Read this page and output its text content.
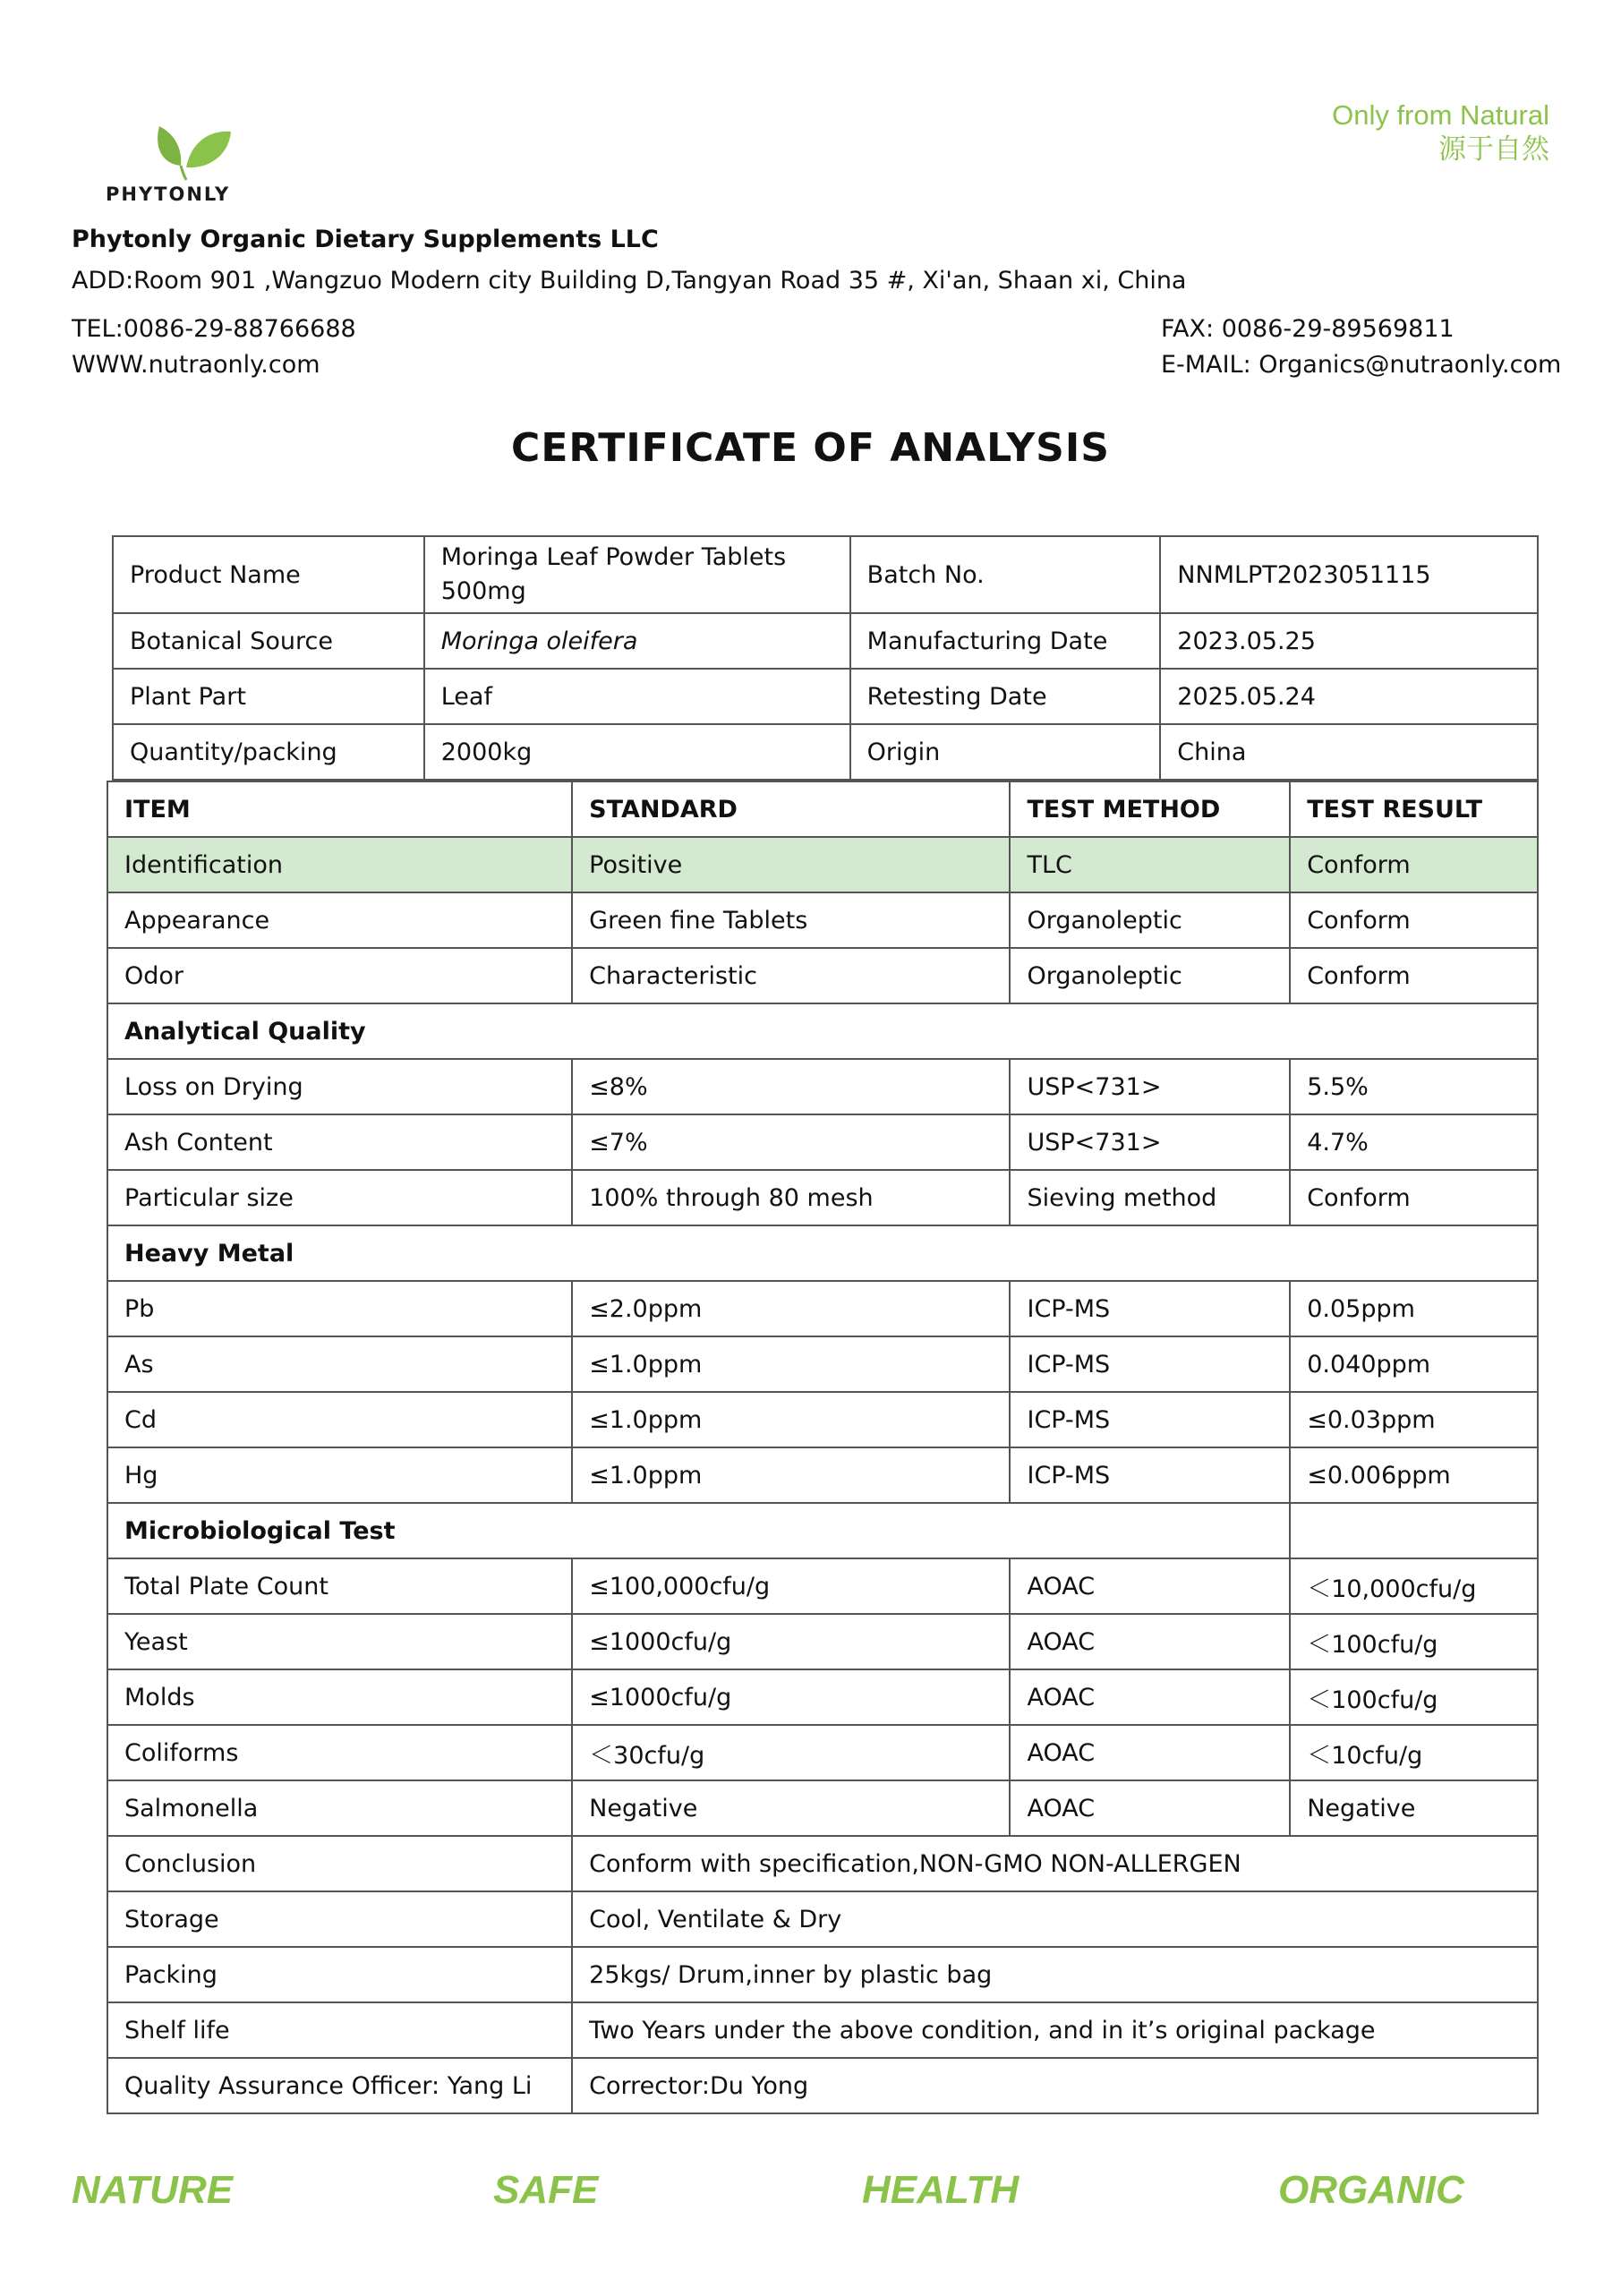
PHYTONLY
Only from Natural
源于自然
Phytonly Organic Dietary Supplements LLC
ADD:Room 901 ,Wangzuo Modern city Building D,Tangyan Road 35 #, Xi'an, Shaan xi, China
TEL:0086-29-88766688
WWW.nutraonly.com
FAX: 0086-29-89569811
E-MAIL: Organics@nutraonly.com
CERTIFICATE OF ANALYSIS
Product Name	Moringa Leaf Powder Tablets 500mg	Batch No.	NNMLPT2023051115
Botanical Source	Moringa oleifera	Manufacturing Date	2023.05.25
Plant Part	Leaf	Retesting Date	2025.05.24
Quantity/packing	2000kg	Origin	China
ITEM	STANDARD	TEST METHOD	TEST RESULT
Identification	Positive	TLC	Conform
Appearance	Green fine Tablets	Organoleptic	Conform
Odor	Characteristic	Organoleptic	Conform
Analytical Quality			
Loss on Drying	≤8%	USP<731>	5.5%
Ash Content	≤7%	USP<731>	4.7%
Particular size	100% through 80 mesh	Sieving method	Conform
Heavy Metal			
Pb	≤2.0ppm	ICP-MS	0.05ppm
As	≤1.0ppm	ICP-MS	0.040ppm
Cd	≤1.0ppm	ICP-MS	≤0.03ppm
Hg	≤1.0ppm	ICP-MS	≤0.006ppm
Microbiological Test			
Total Plate Count	≤100,000cfu/g	AOAC	＜10,000cfu/g
Yeast	≤1000cfu/g	AOAC	＜100cfu/g
Molds	≤1000cfu/g	AOAC	＜100cfu/g
Coliforms	＜30cfu/g	AOAC	＜10cfu/g
Salmonella	Negative	AOAC	Negative
Conclusion	Conform with specification,NON-GMO NON-ALLERGEN		
Storage	Cool, Ventilate & Dry		
Packing	25kgs/ Drum,inner by plastic bag		
Shelf life	Two Years under the above condition, and in it’s original package		
Quality Assurance Officer: Yang Li	Corrector:Du Yong		
NATURE	SAFE	HEALTH	ORGANIC
